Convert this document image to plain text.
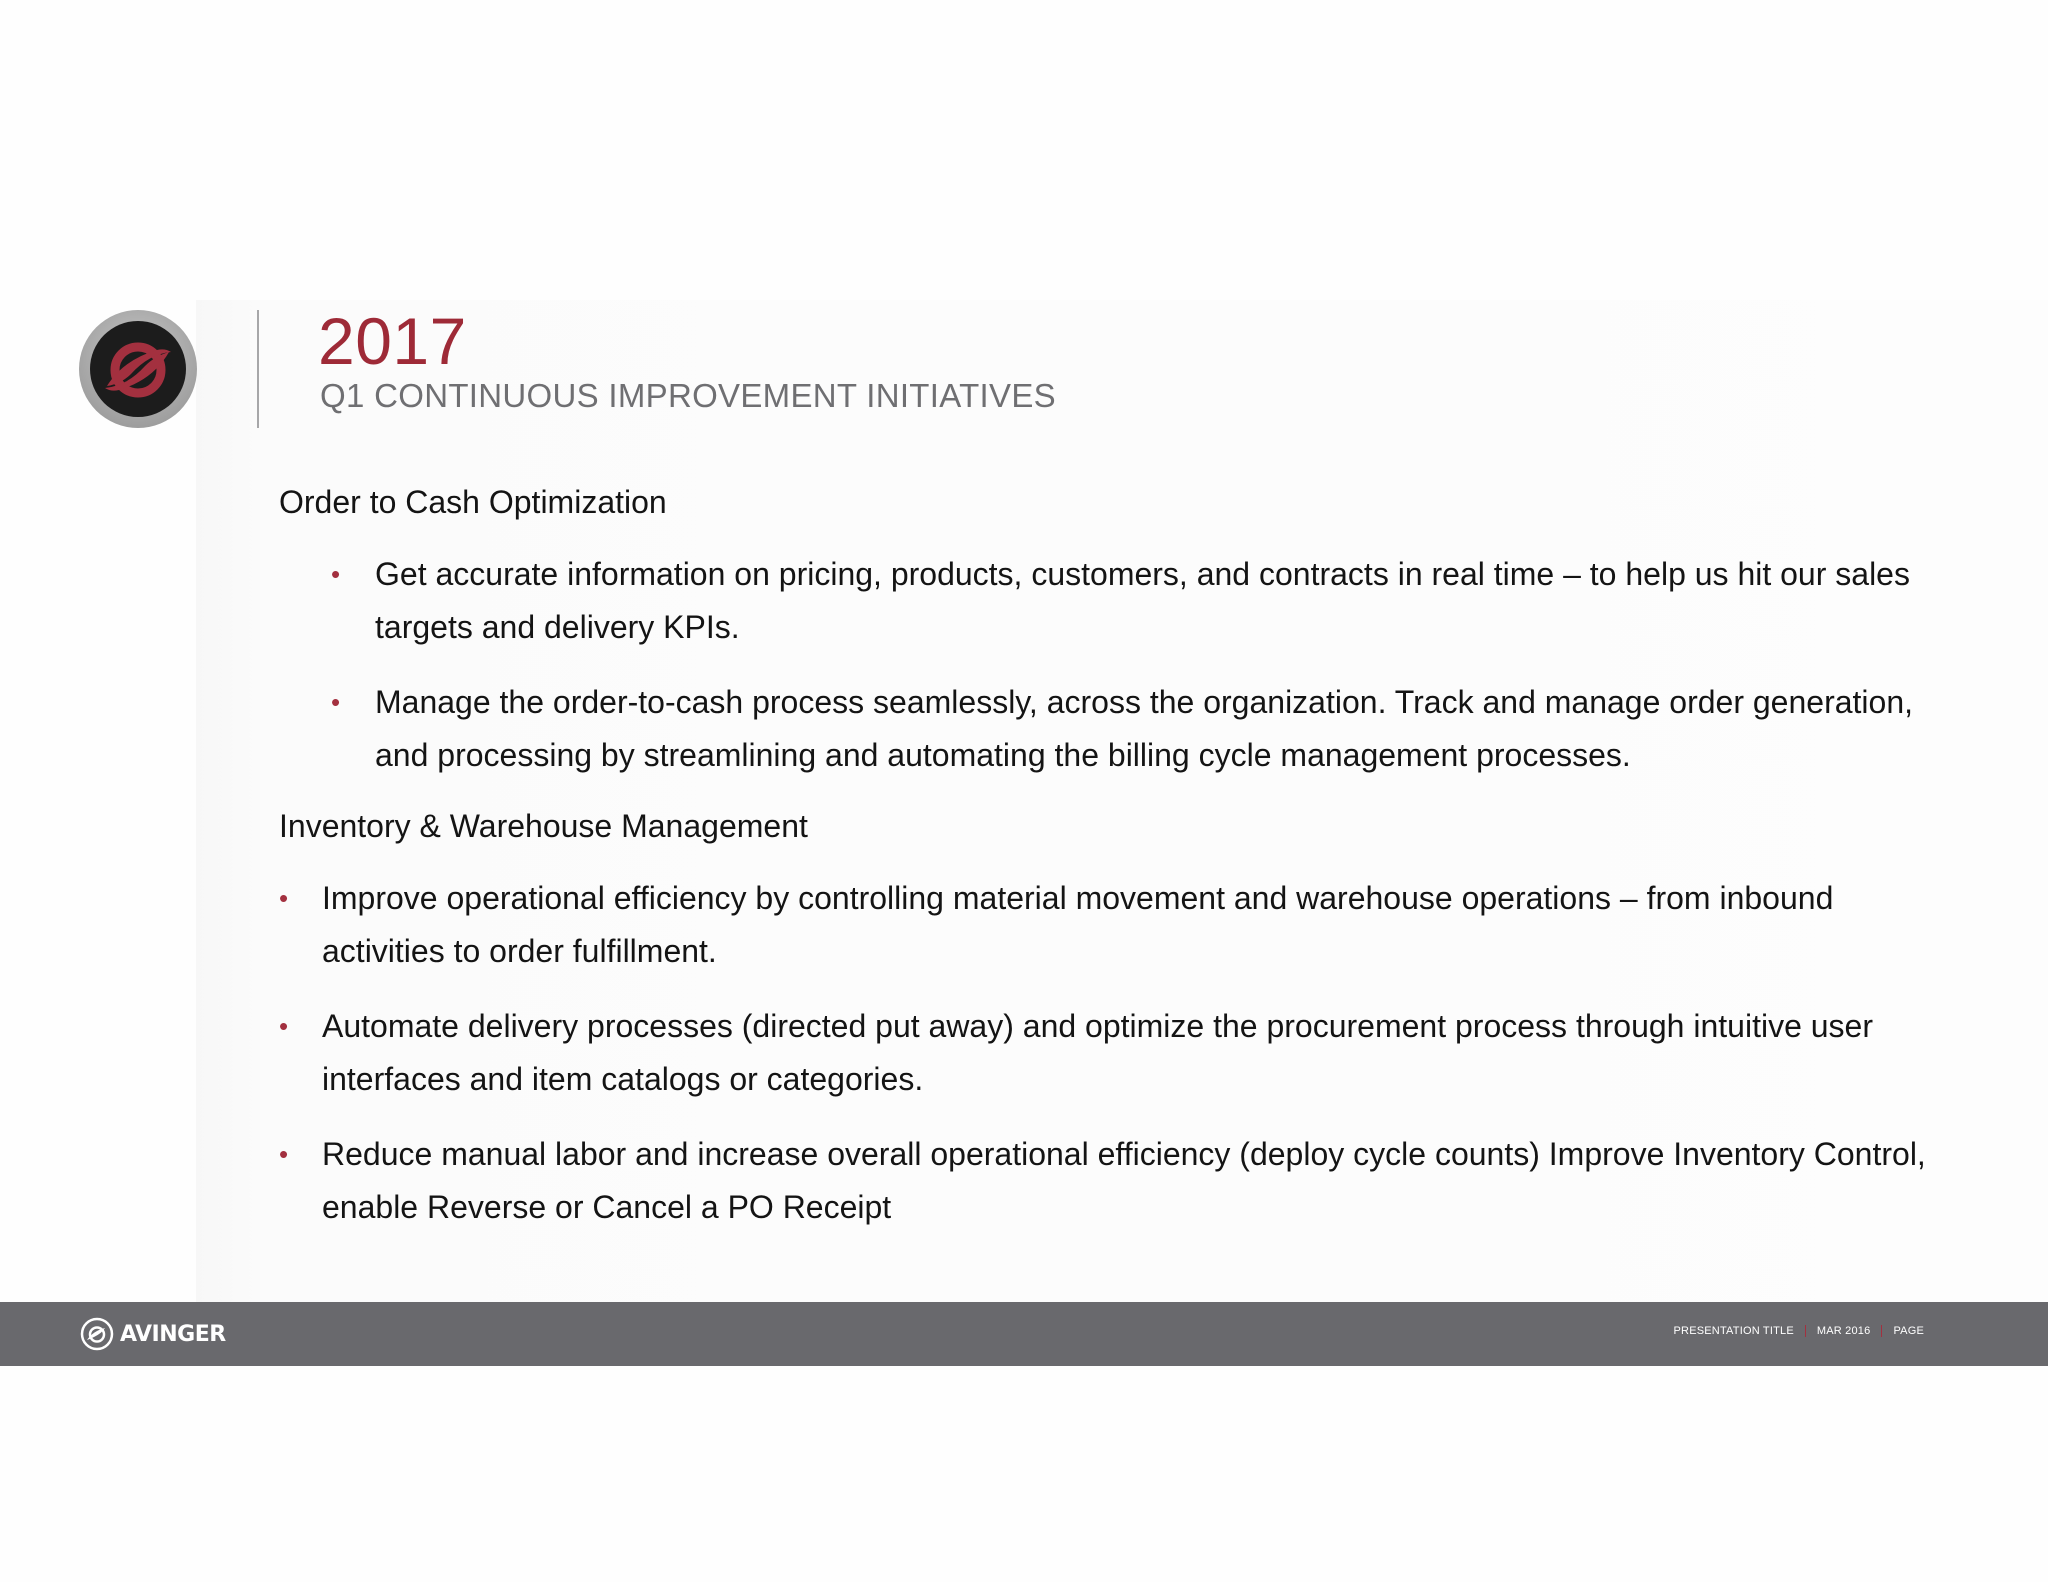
2017
Q1 CONTINUOUS IMPROVEMENT INITIATIVES
Order to Cash Optimization
• Get accurate information on pricing, products, customers, and contracts in real time – to help us hit our sales targets and delivery KPIs.
• Manage the order-to-cash process seamlessly, across the organization. Track and manage order generation, and processing by streamlining and automating the billing cycle management processes.
Inventory & Warehouse Management
• Improve operational efficiency by controlling material movement and warehouse operations – from inbound activities to order fulfillment.
• Automate delivery processes (directed put away) and optimize the procurement process through intuitive user interfaces and item catalogs or categories.
• Reduce manual labor and increase overall operational efficiency (deploy cycle counts) Improve Inventory Control, enable Reverse or Cancel a PO Receipt
AVINGER	PRESENTATION TITLE MAR 2016 PAGE
